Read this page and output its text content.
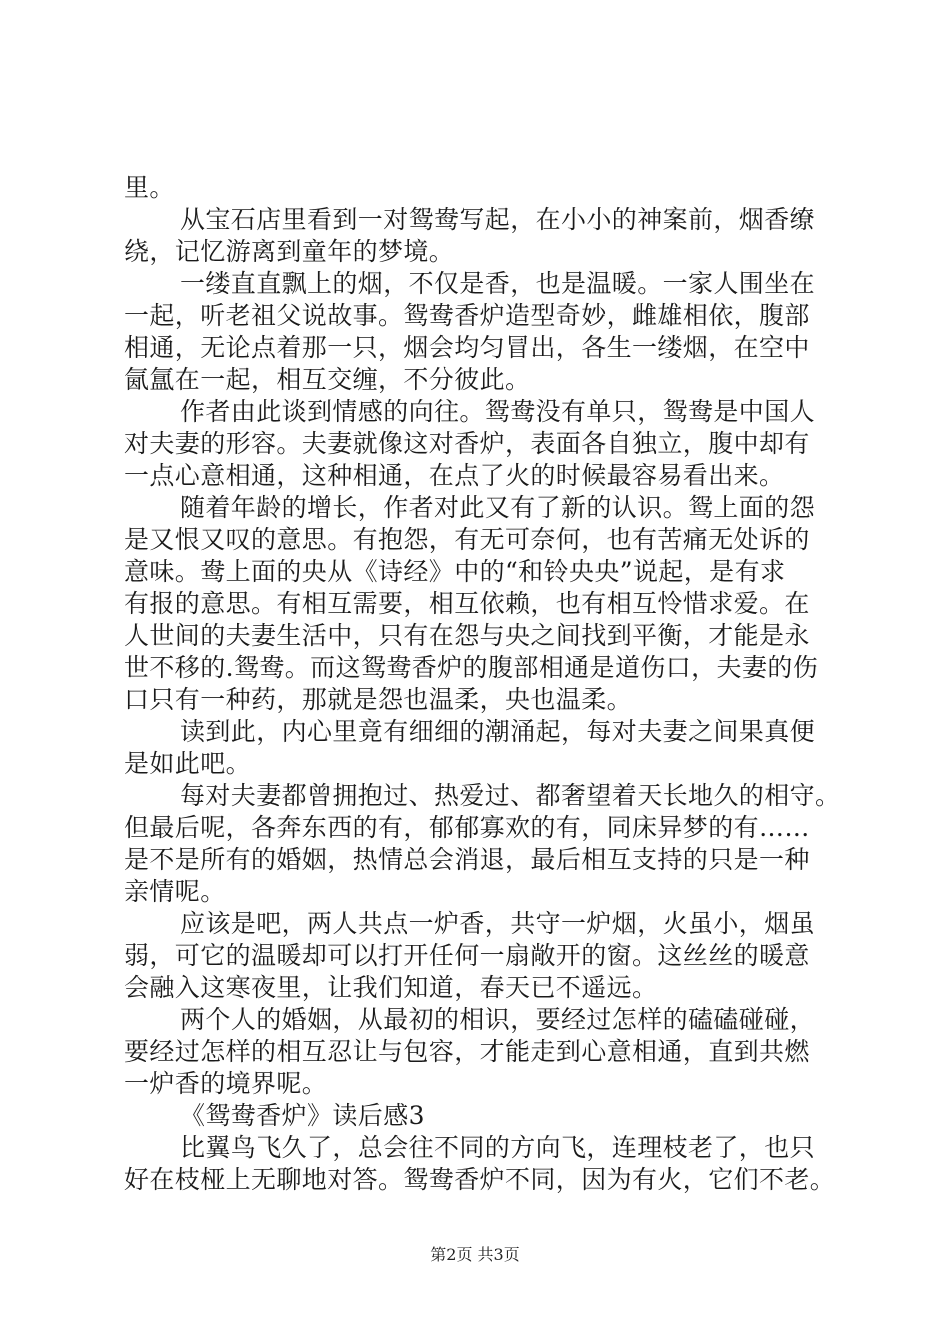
里。
从宝石店里看到一对鸳鸯写起，在小小的神案前，烟香缭
绕，记忆游离到童年的梦境。
一缕直直飘上的烟，不仅是香，也是温暖。一家人围坐在
一起，听老祖父说故事。鸳鸯香炉造型奇妙，雌雄相依，腹部
相通，无论点着那一只，烟会均匀冒出，各生一缕烟，在空中
氤氲在一起，相互交缠，不分彼此。
作者由此谈到情感的向往。鸳鸯没有单只，鸳鸯是中国人
对夫妻的形容。夫妻就像这对香炉，表面各自独立，腹中却有
一点心意相通，这种相通，在点了火的时候最容易看出来。
随着年龄的增长，作者对此又有了新的认识。鸳上面的怨
是又恨又叹的意思。有抱怨，有无可奈何，也有苦痛无处诉的
意味。鸯上面的央从《诗经》中的“和铃央央”说起，是有求
有报的意思。有相互需要，相互依赖，也有相互怜惜求爱。在
人世间的夫妻生活中，只有在怨与央之间找到平衡，才能是永
世不移的.鸳鸯。而这鸳鸯香炉的腹部相通是道伤口，夫妻的伤
口只有一种药，那就是怨也温柔，央也温柔。
读到此，内心里竟有细细的潮涌起，每对夫妻之间果真便
是如此吧。
每对夫妻都曾拥抱过、热爱过、都奢望着天长地久的相守。
但最后呢，各奔东西的有，郁郁寡欢的有，同床异梦的有……
是不是所有的婚姻，热情总会消退，最后相互支持的只是一种
亲情呢。
应该是吧，两人共点一炉香，共守一炉烟，火虽小，烟虽
弱，可它的温暖却可以打开任何一扇敞开的窗。这丝丝的暖意
会融入这寒夜里，让我们知道，春天已不遥远。
两个人的婚姻，从最初的相识，要经过怎样的磕磕碰碰，
要经过怎样的相互忍让与包容，才能走到心意相通，直到共燃
一炉香的境界呢。
《鸳鸯香炉》读后感3
比翼鸟飞久了，总会往不同的方向飞，连理枝老了，也只
好在枝桠上无聊地对答。鸳鸯香炉不同，因为有火，它们不老。
第2页 共3页
